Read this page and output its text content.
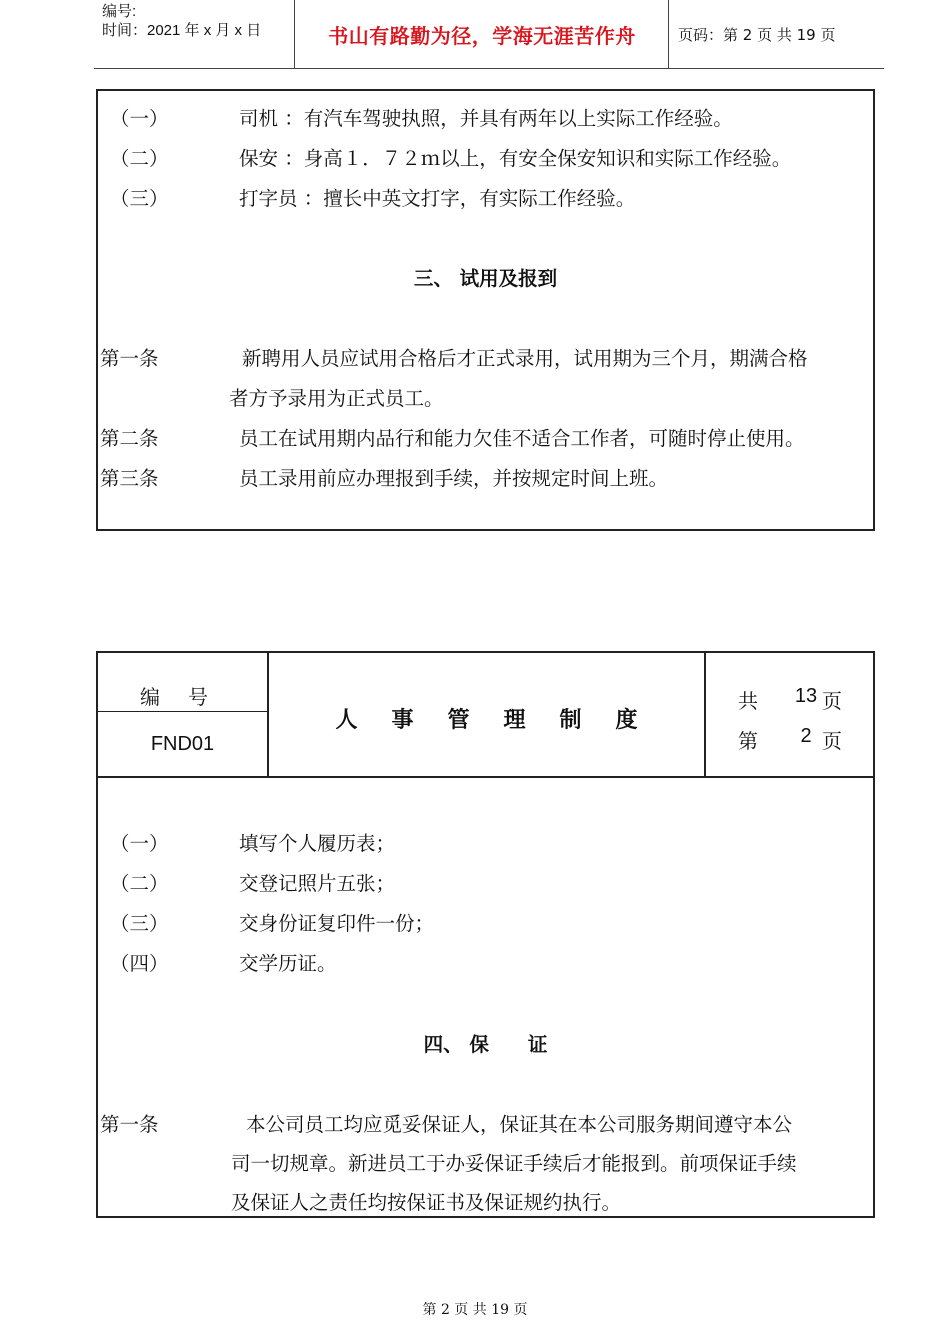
编号:
时间：2021 年 x 月 x 日	书山有路勤为径，学海无涯苦作舟	页码：第 2 页 共 19 页
（一）	司机 ：有汽车驾驶执照，并具有两年以上实际工作经验。
（二）	保安 ：身高１．７２ｍ以上，有安全保安知识和实际工作经验。
（三）	打字员 ：擅长中英文打字，有实际工作经验。
三、 试用及报到
第一条	新聘用人员应试用合格后才正式录用，试用期为三个月，期满合格
者方予录用为正式员工。
第二条	员工在试用期内品行和能力欠佳不适合工作者，可随时停止使用。
第三条	员工录用前应办理报到手续，并按规定时间上班。
编号
FND01
人事管理制度
共	13 页
第	2 页
（一）	填写个人履历表；
（二）	交登记照片五张；
（三）	交身份证复印件一份；
（四）	交学历证。
四、 保　　证
第一条	本公司员工均应觅妥保证人，保证其在本公司服务期间遵守本公
司一切规章。新进员工于办妥保证手续后才能报到。前项保证手续
及保证人之责任均按保证书及保证规约执行。
第 2 页 共 19 页
